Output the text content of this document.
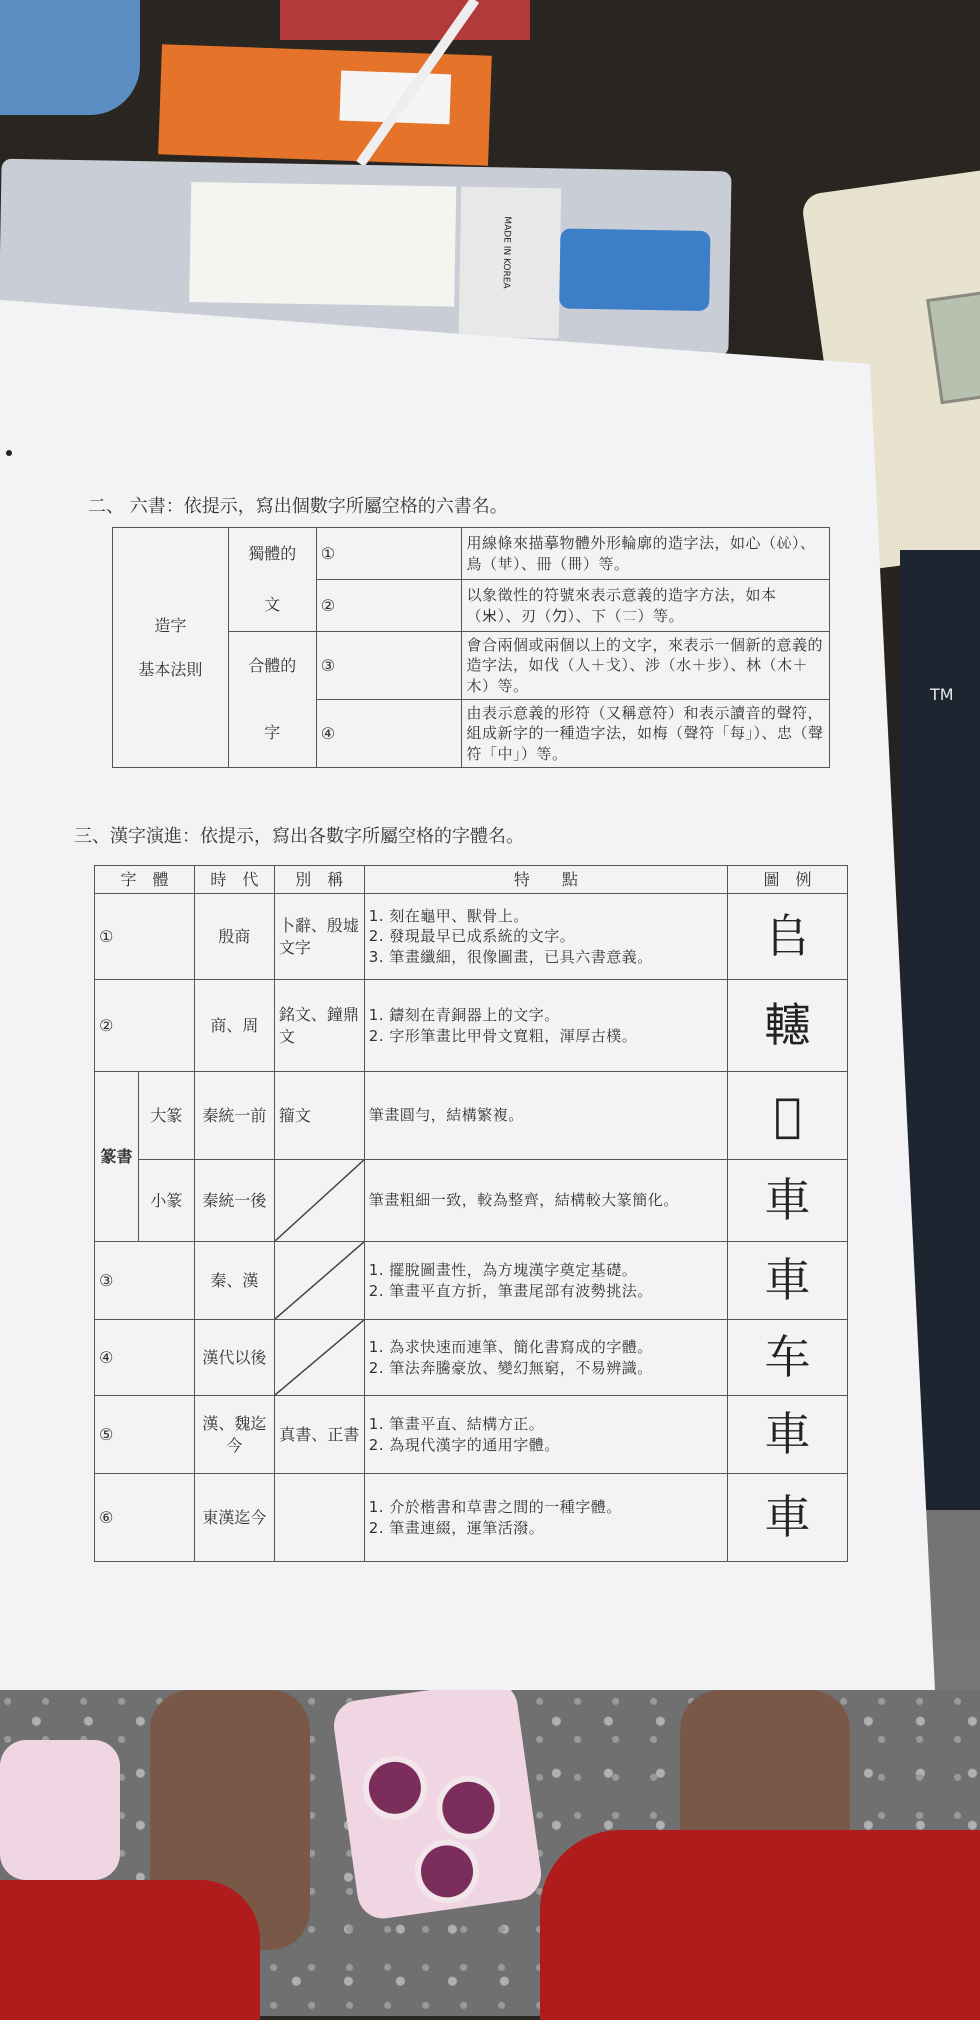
MADE IN KOREA
TM
二、 六書：依提示，寫出個數字所屬空格的六書名。
造字
基本法則	獨體的	①	用線條來描摹物體外形輪廓的造字法，如心（𢗰）、鳥（𠦒）、冊（𠕋）等。
	文	②	以象徵性的符號來表示意義的造字方法，如本（𣎵）、刃（𠚣）、下（𠄟）等。
	合體的	③	會合兩個或兩個以上的文字，來表示一個新的意義的造字法，如伐（人＋戈）、涉（水＋步）、林（木＋木）等。
	字	④	由表示意義的形符（又稱意符）和表示讀音的聲符，組成新字的一種造字法，如梅（聲符「每」）、忠（聲符「中」）等。
三、漢字演進：依提示，寫出各數字所屬空格的字體名。
字　體		時　代	別　稱	特　　點	圖　例
①		殷商	卜辭、殷墟文字	1. 刻在龜甲、獸骨上。
2. 發現最早已成系統的文字。
3. 筆畫纖細，很像圖畫，已具六書意義。	𠂤
②		商、周	銘文、鐘鼎文	1. 鑄刻在青銅器上的文字。
2. 字形筆畫比甲骨文寬粗，渾厚古樸。	𨏥
篆書	大篆	秦統一前	籀文	筆畫圓勻，結構繁複。	𩯣
	小篆	秦統一後		筆畫粗細一致，較為整齊，結構較大篆簡化。	車
③		秦、漢		1. 擺脫圖畫性，為方塊漢字奠定基礎。
2. 筆畫平直方折，筆畫尾部有波勢挑法。	車
④		漢代以後		1. 為求快速而連筆、簡化書寫成的字體。
2. 筆法奔騰豪放、變幻無窮，不易辨識。	车
⑤		漢、魏迄今	真書、正書	1. 筆畫平直、結構方正。
2. 為現代漢字的通用字體。	車
⑥		東漢迄今		1. 介於楷書和草書之間的一種字體。
2. 筆畫連綴，運筆活潑。	車
